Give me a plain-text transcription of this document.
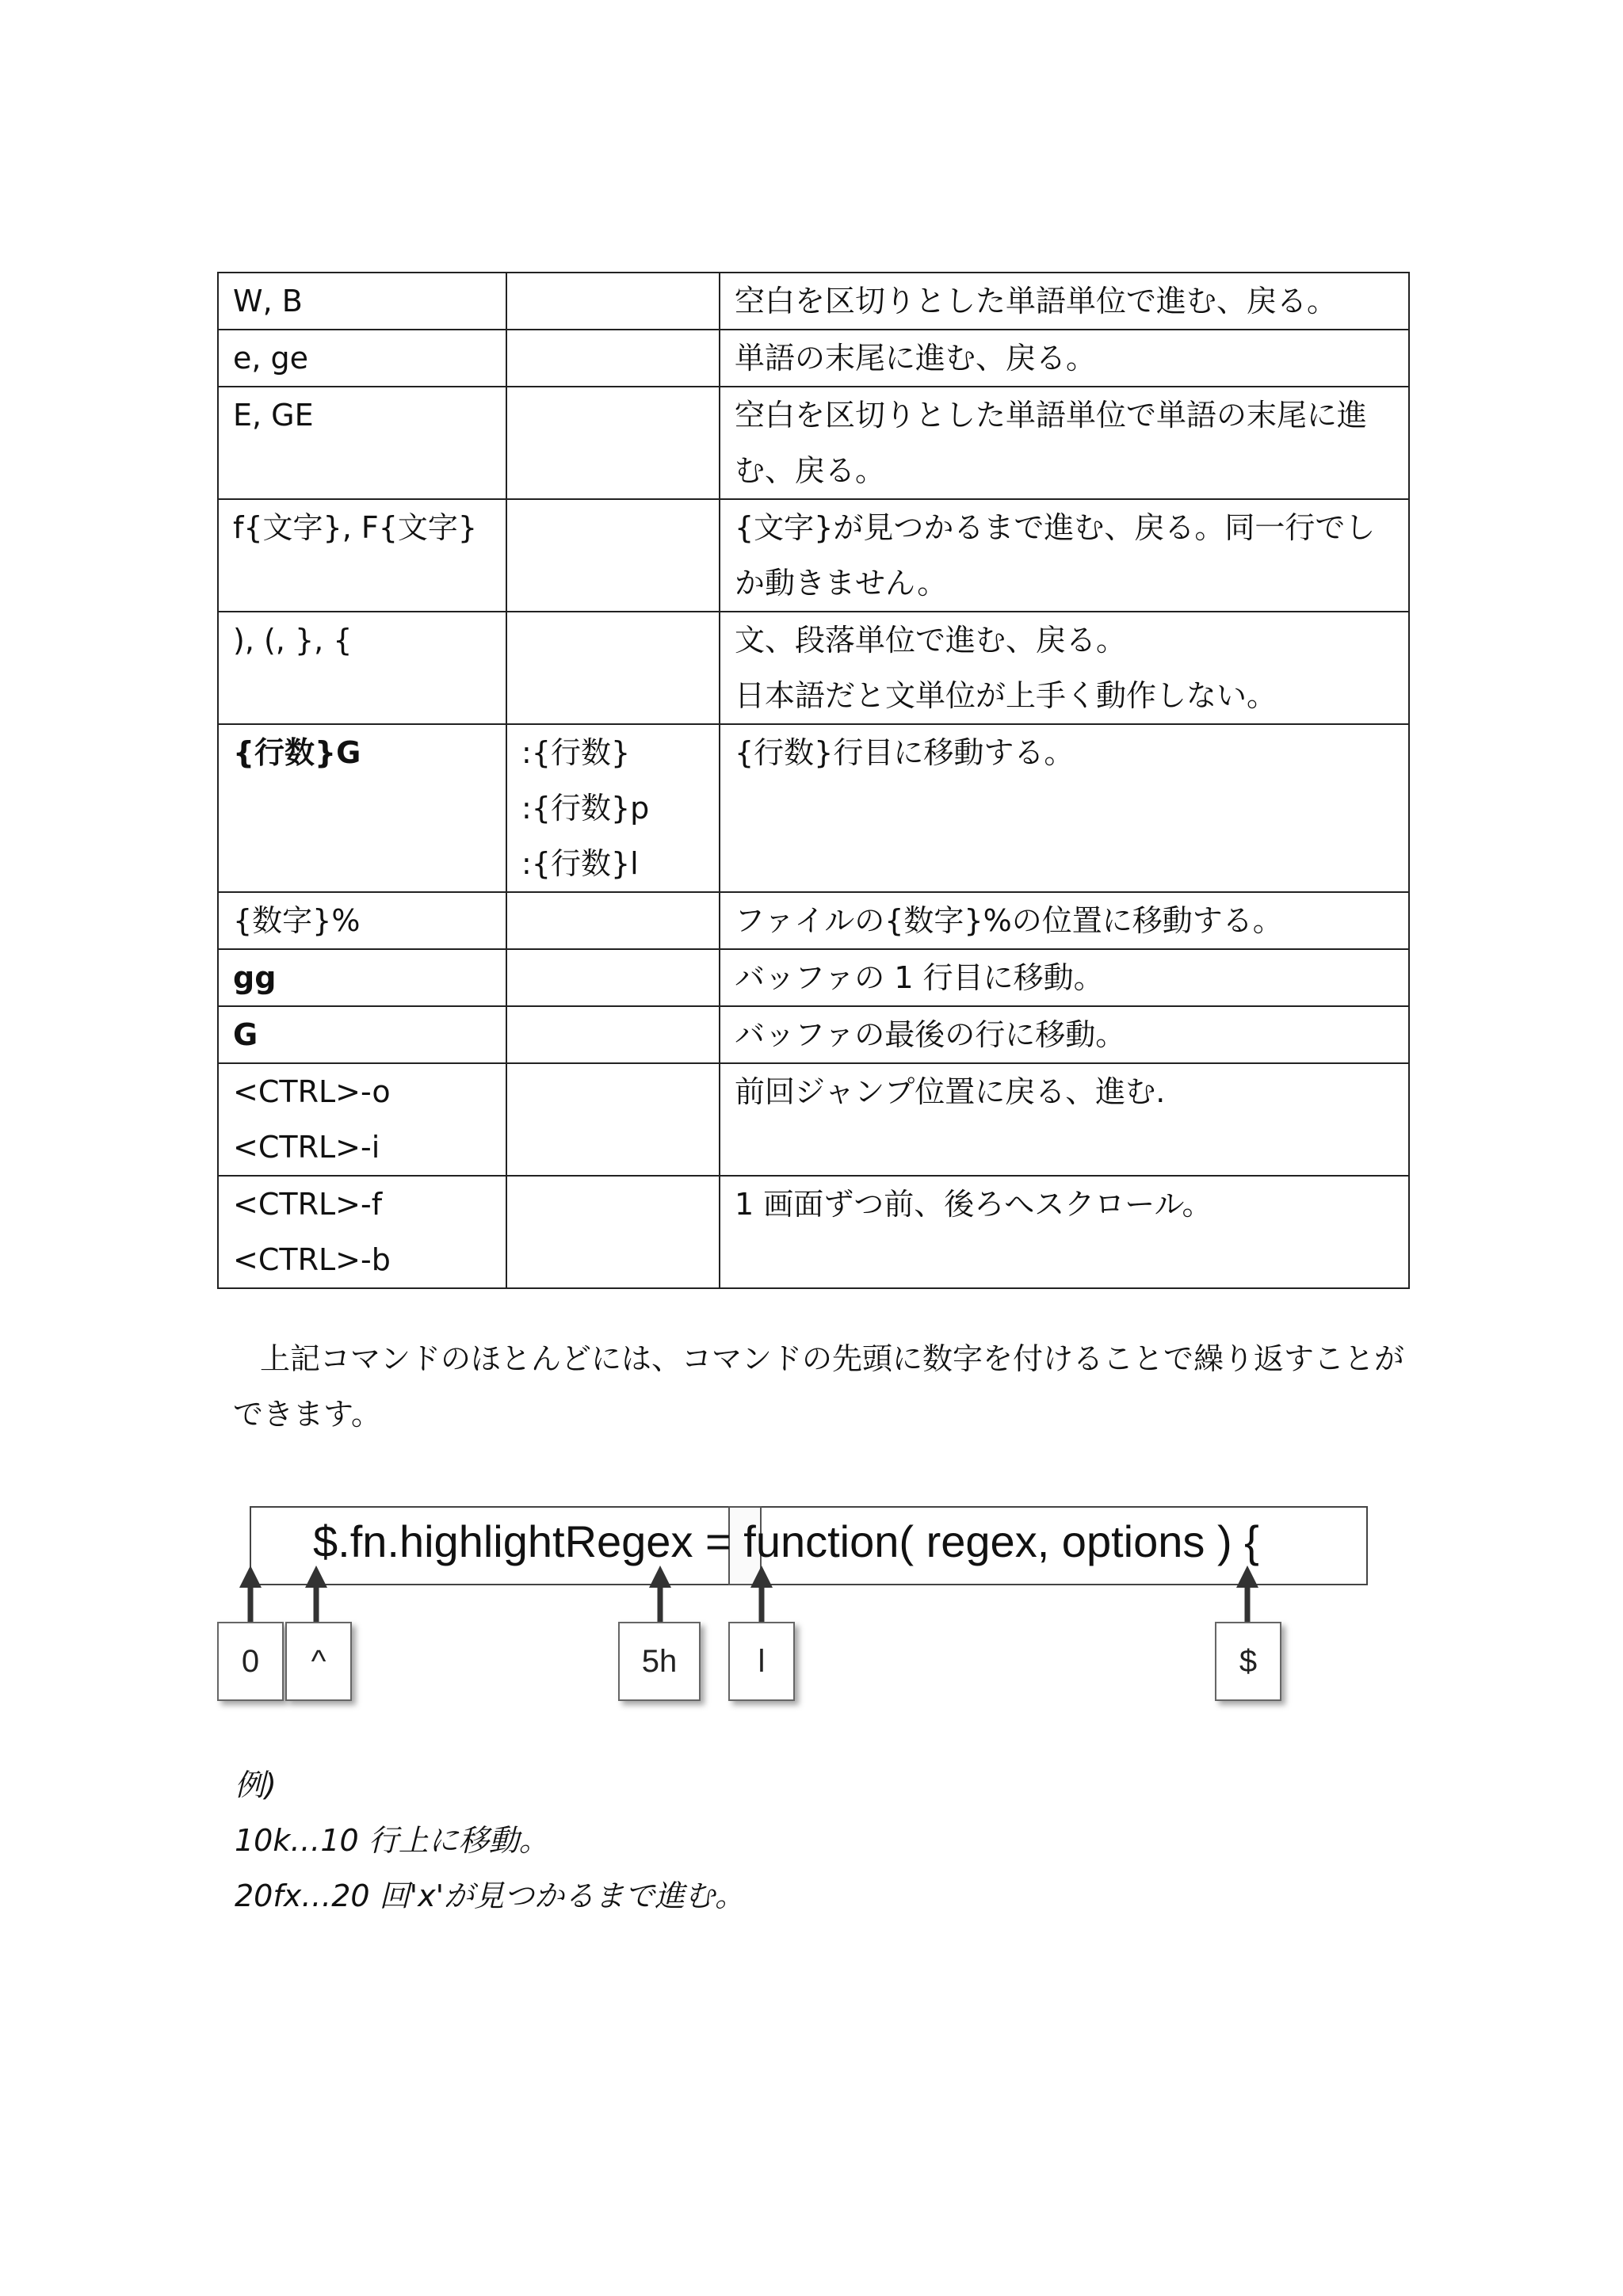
W, B		空白を区切りとした単語単位で進む、戻る。

e, ge		単語の末尾に進む、戻る。

E, GE		空白を区切りとした単語単位で単語の末尾に進
む、戻る。

f{文字}, F{文字}		{文字}が見つかるまで進む、戻る。同一行でし
か動きません。

), (, }, {		文、段落単位で進む、戻る。
日本語だと文単位が上手く動作しない。

{行数}G	:{行数}
:{行数}p
:{行数}l	{行数}行目に移動する。

{数字}%		ファイルの{数字}%の位置に移動する。

gg		バッファの 1 行目に移動。

G		バッファの最後の行に移動。

<CTRL>-o
<CTRL>-i		前回ジャンプ位置に戻る、進む.

<CTRL>-f
<CTRL>-b		1 画面ずつ前、後ろへスクロール。
上記コマンドのほとんどには、コマンドの先頭に数字を付けることで繰り返すことができます。
$.fn.highlightRegex = function( regex, options ) {
0	^	5h	l	$
例)
10k…10 行上に移動。
20fx…20 回'x'が見つかるまで進む。
